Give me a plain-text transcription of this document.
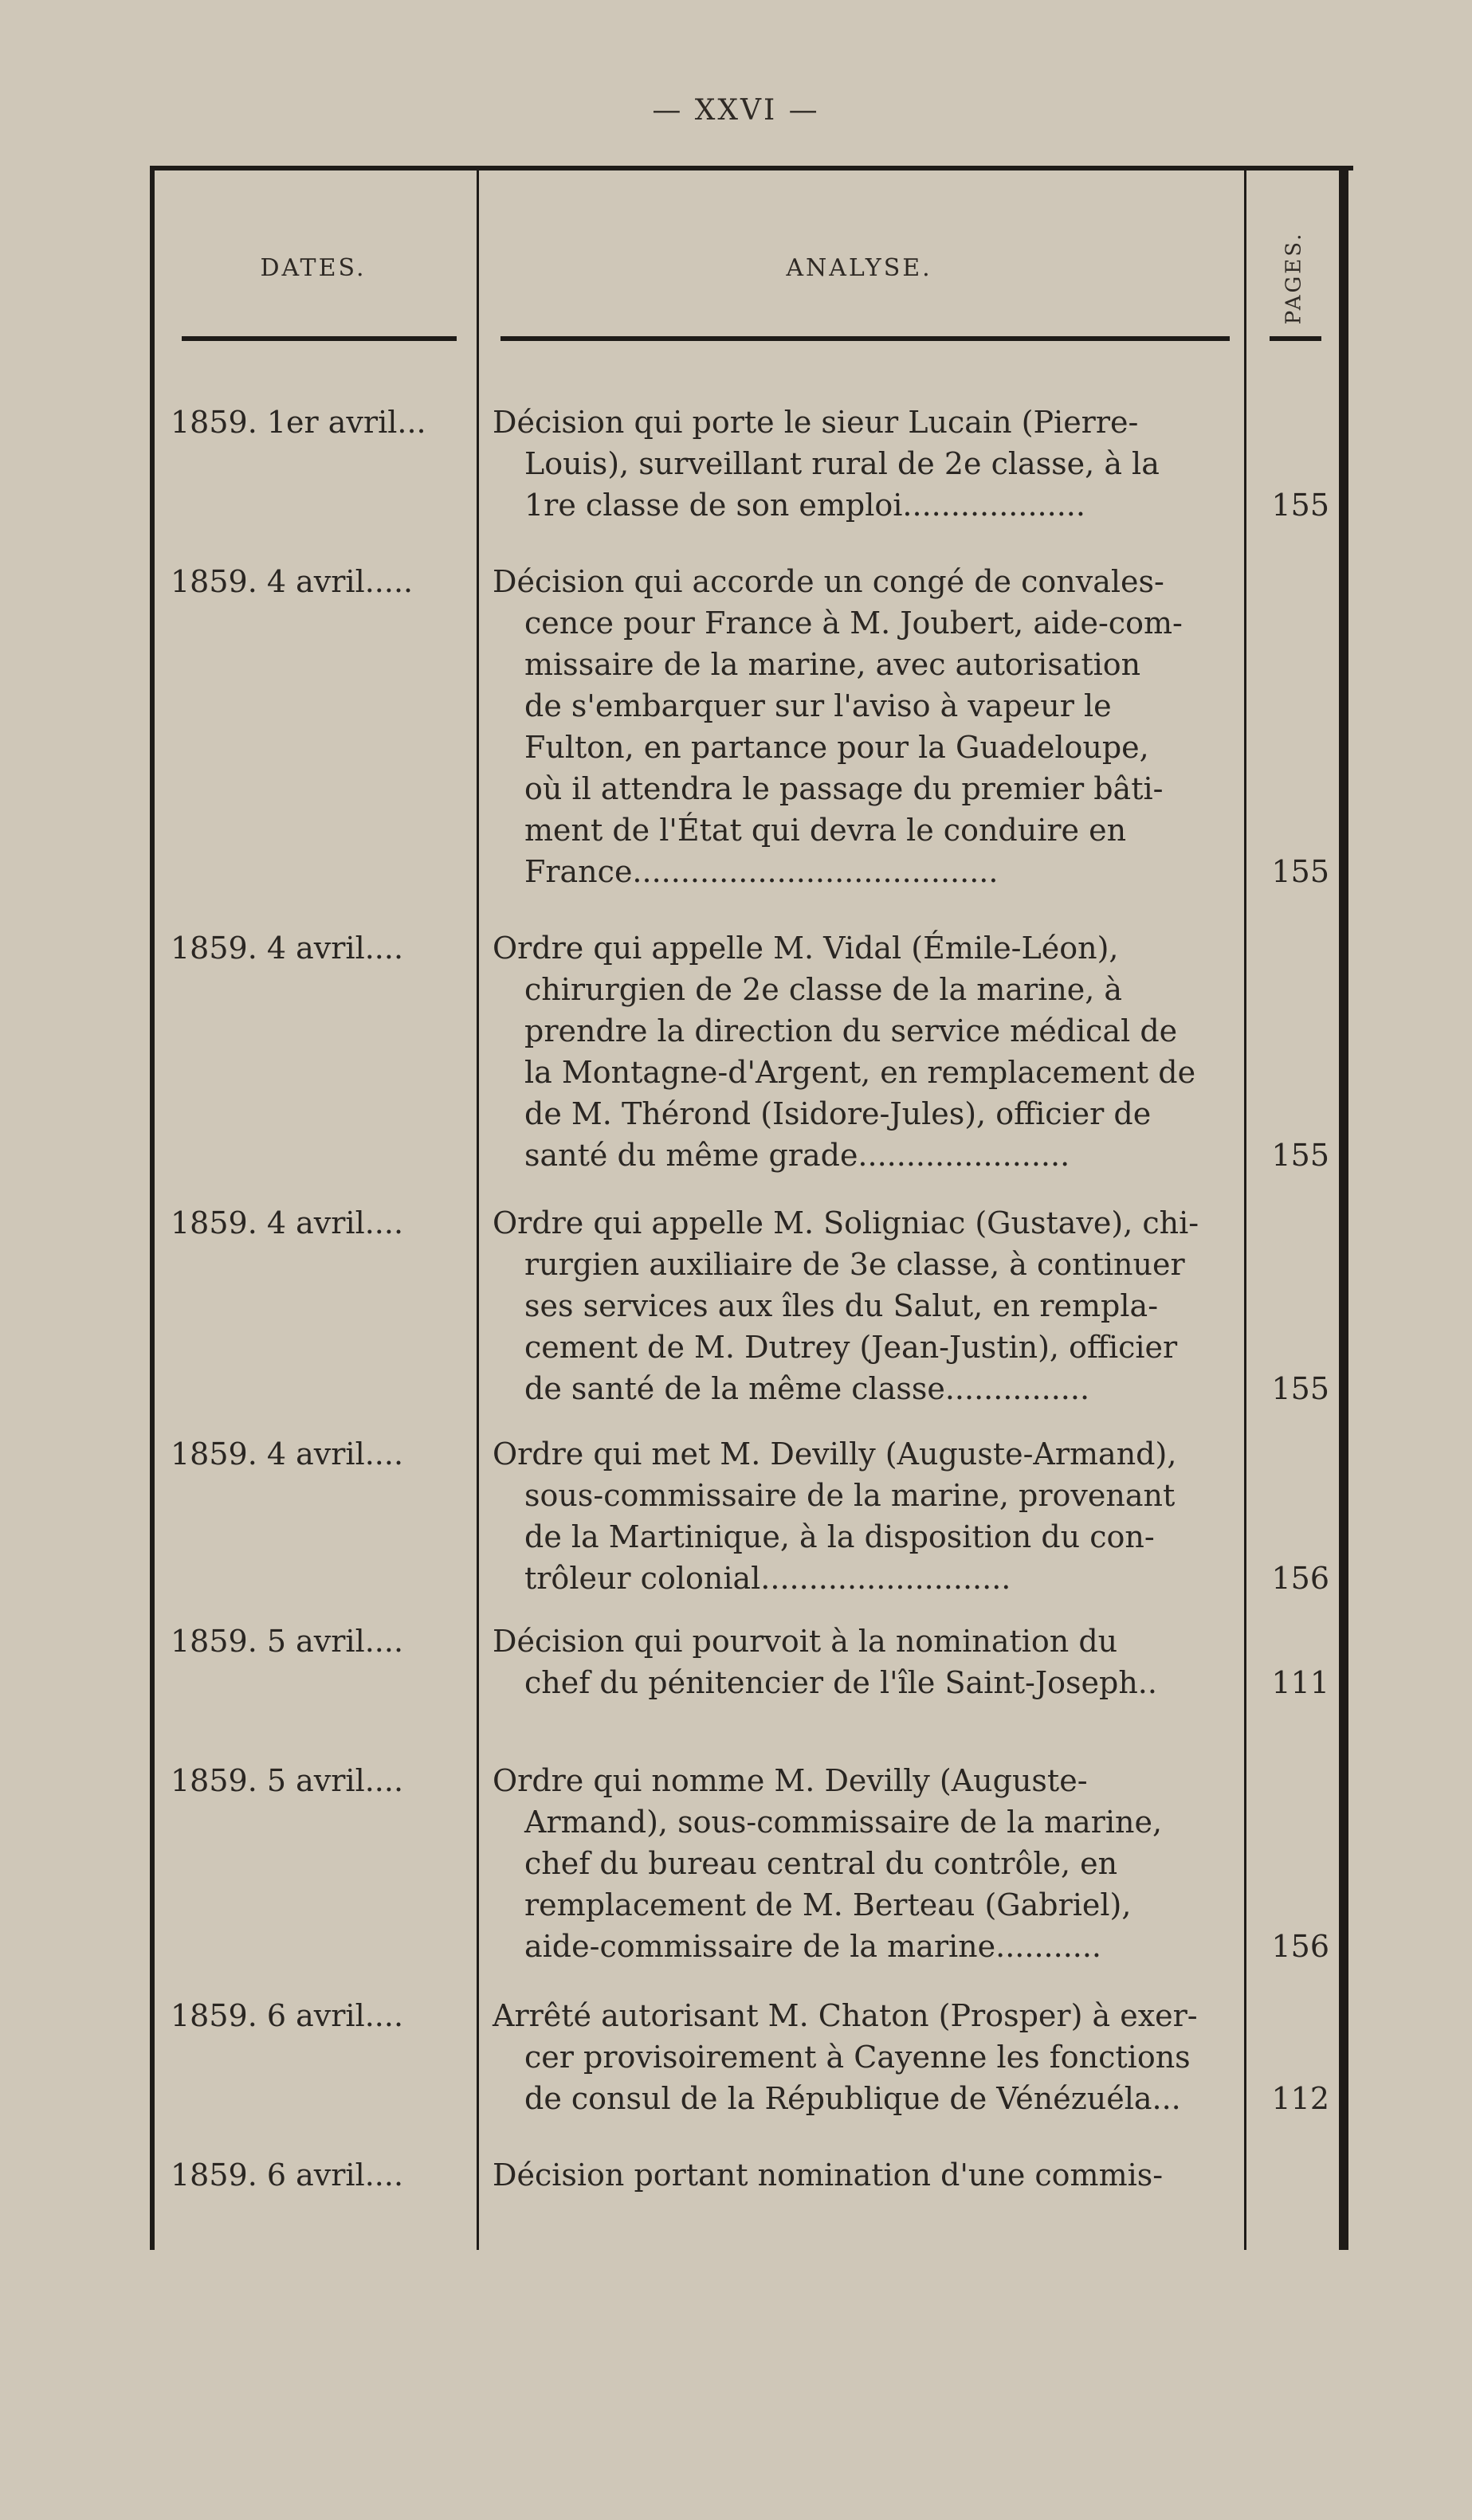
— XXVI —
DATES.	ANALYSE.	PAGES.
1859. 1er avril...	Décision qui porte le sieur Lucain (Pierre-
Louis), surveillant rural de 2e classe, à la
1re classe de son emploi...................	155
1859. 4 avril.....	Décision qui accorde un congé de convales-
cence pour France à M. Joubert, aide-com-
missaire de la marine, avec autorisation
de s'embarquer sur l'aviso à vapeur le
Fulton, en partance pour la Guadeloupe,
où il attendra le passage du premier bâti-
ment de l'État qui devra le conduire en
France......................................	155
1859. 4 avril....	Ordre qui appelle M. Vidal (Émile-Léon),
chirurgien de 2e classe de la marine, à
prendre la direction du service médical de
la Montagne-d'Argent, en remplacement de
de M. Thérond (Isidore-Jules), officier de
santé du même grade......................	155
1859. 4 avril....	Ordre qui appelle M. Soligniac (Gustave), chi-
rurgien auxiliaire de 3e classe, à continuer
ses services aux îles du Salut, en rempla-
cement de M. Dutrey (Jean-Justin), officier
de santé de la même classe...............	155
1859. 4 avril....	Ordre qui met M. Devilly (Auguste-Armand),
sous-commissaire de la marine, provenant
de la Martinique, à la disposition du con-
trôleur colonial..........................	156
1859. 5 avril....	Décision qui pourvoit à la nomination du
chef du pénitencier de l'île Saint-Joseph..	111
1859. 5 avril....	Ordre qui nomme M. Devilly (Auguste-
Armand), sous-commissaire de la marine,
chef du bureau central du contrôle, en
remplacement de M. Berteau (Gabriel),
aide-commissaire de la marine...........	156
1859. 6 avril....	Arrêté autorisant M. Chaton (Prosper) à exer-
cer provisoirement à Cayenne les fonctions
de consul de la République de Vénézuéla...	112
1859. 6 avril....	Décision portant nomination d'une commis-
